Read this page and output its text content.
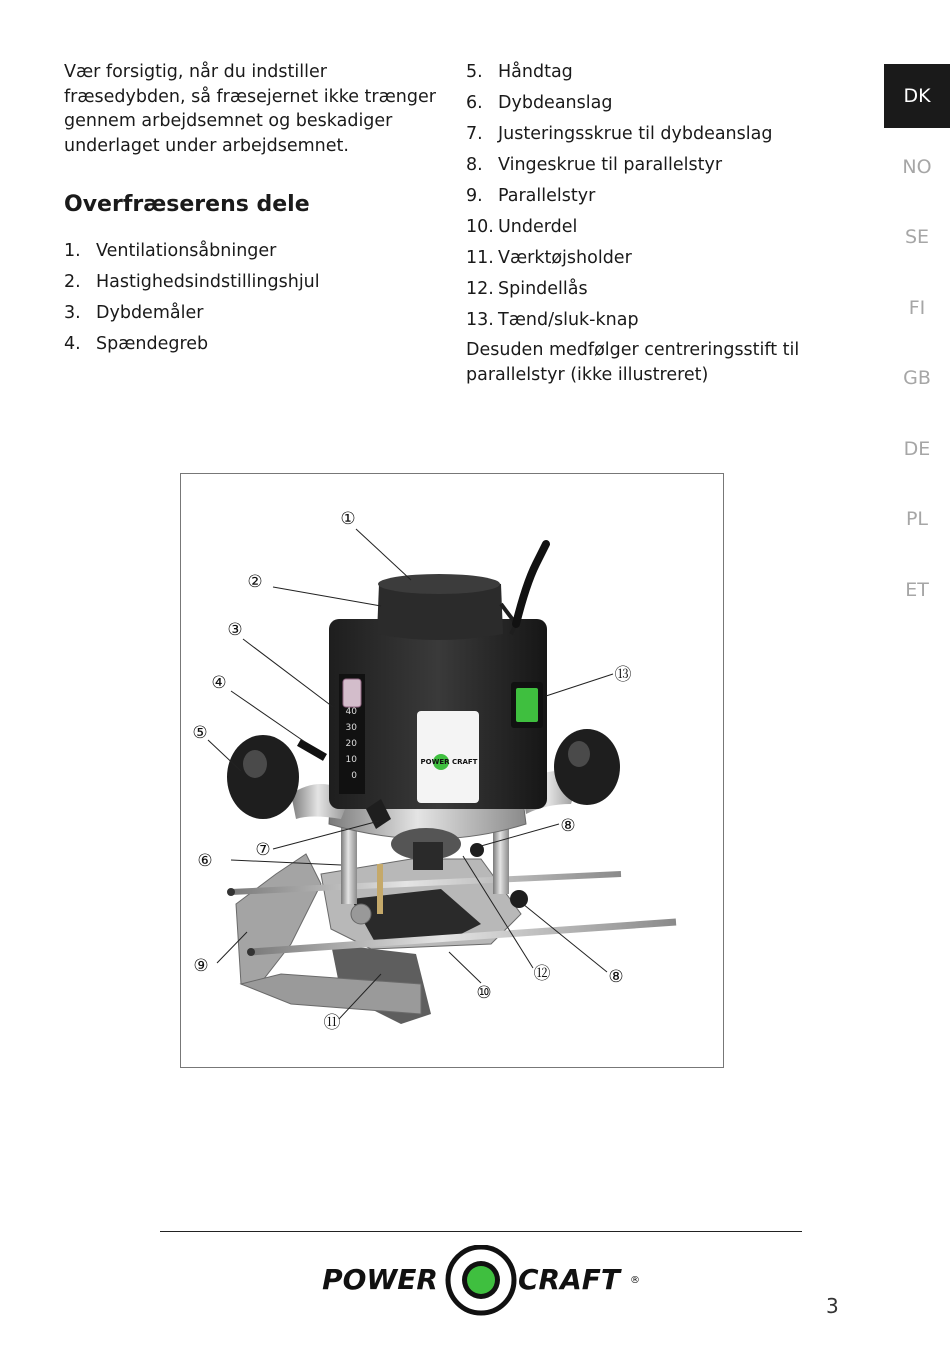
Vær forsigtig, når du indstiller fræsedybden, så fræsejernet ikke trænger gennem arbejdsemnet og beskadiger underlaget under arbejdsemnet.
Overfræserens dele
1. Ventilationsåbninger
2. Hastighedsindstillingshjul
3. Dybdemåler
4. Spændegreb
5. Håndtag
6. Dybdeanslag
7. Justeringsskrue til dybdeanslag
8. Vingeskrue til parallelstyr
9. Parallelstyr
10. Underdel
11. Værktøjsholder
12. Spindellås
13. Tænd/sluk-knap
Desuden medfølger centreringsstift til parallelstyr (ikke illustreret)
DK
NO
SE
FI
GB
DE
PL
ET
POWER CRAFT
40
30
20
10
0
①
②
③
④
⑤
⑥
⑦
⑧
⑨
⑩
⑪
⑫	⑧
⑬
POWER	CRAFT ®
3
